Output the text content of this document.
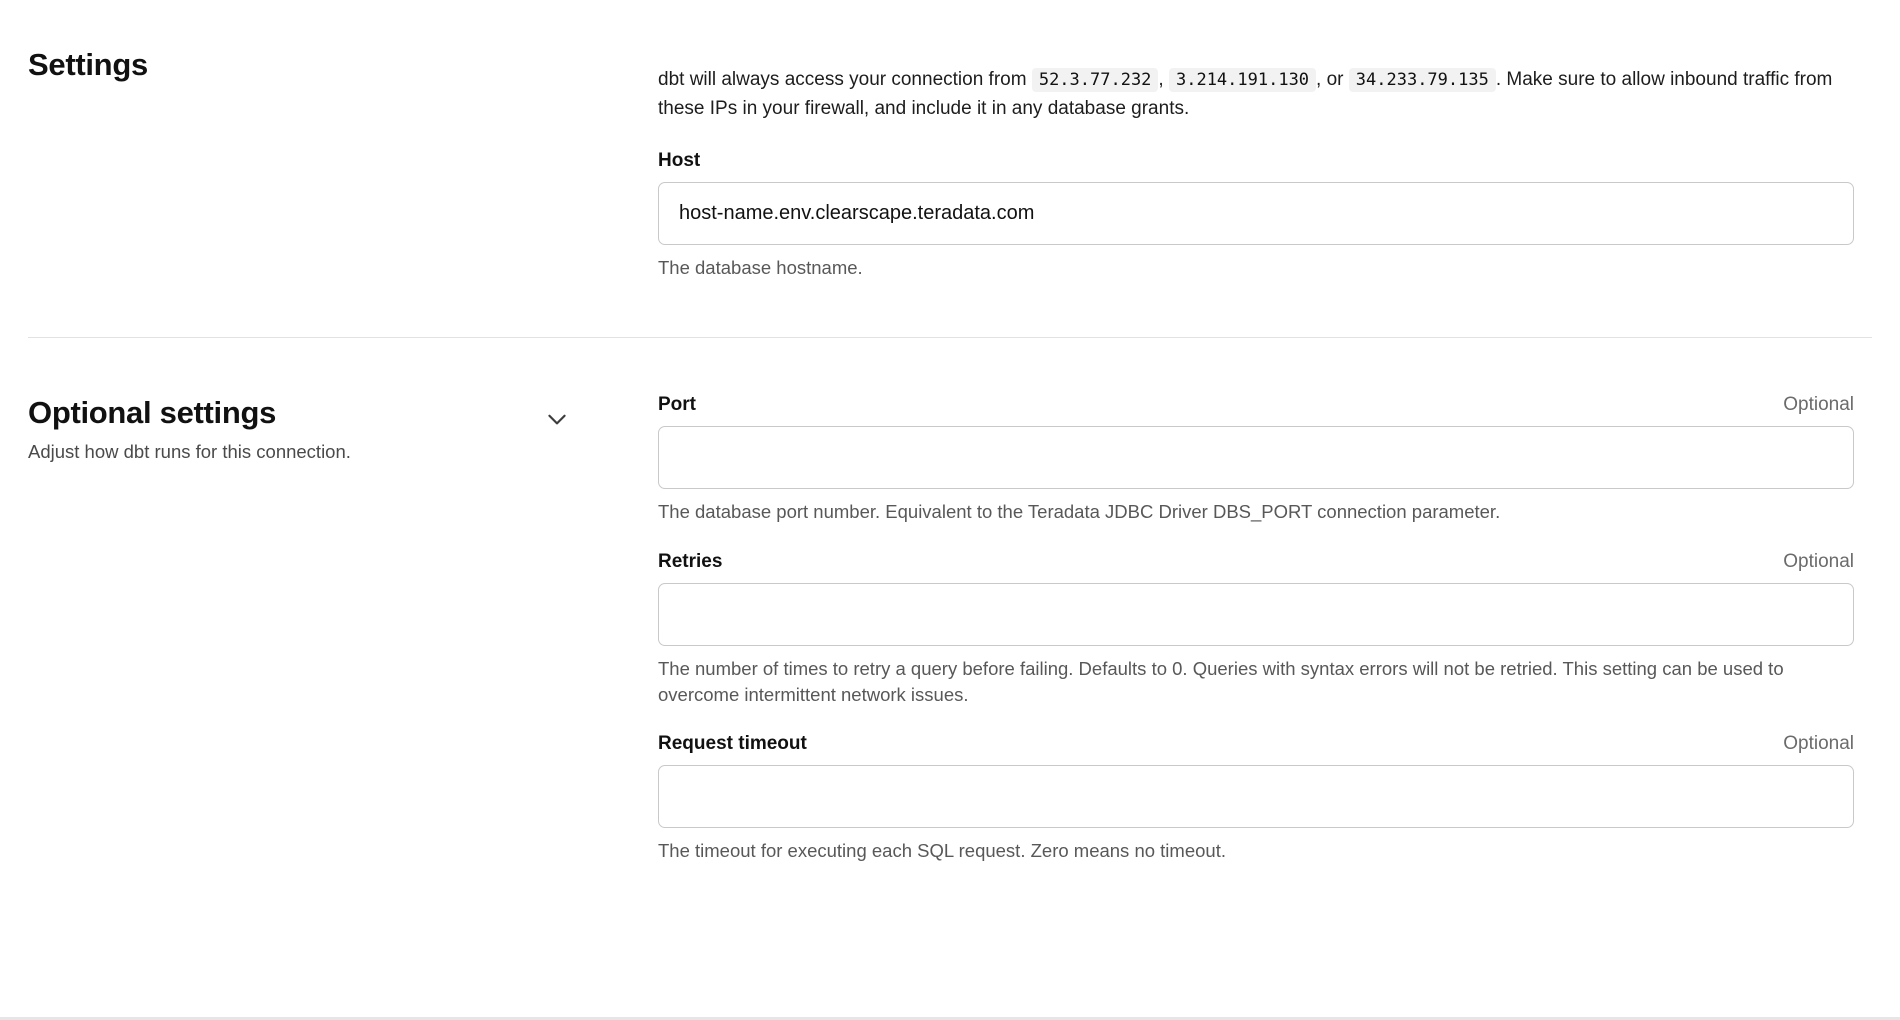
Settings	dbt will always access your connection from 52.3.77.232 , 3.214.191.130 , or 34.233.79.135 . Make sure to allow inbound traffic from these IPs in your firewall, and include it in any database grants.

Host
host-name.env.clearscape.teradata.com
The database hostname.
Optional settings
Adjust how dbt runs for this connection.
Port	Optional
The database port number. Equivalent to the Teradata JDBC Driver DBS_PORT connection parameter.
Retries	Optional
The number of times to retry a query before failing. Defaults to 0. Queries with syntax errors will not be retried. This setting can be used to overcome intermittent network issues.
Request timeout	Optional
The timeout for executing each SQL request. Zero means no timeout.
